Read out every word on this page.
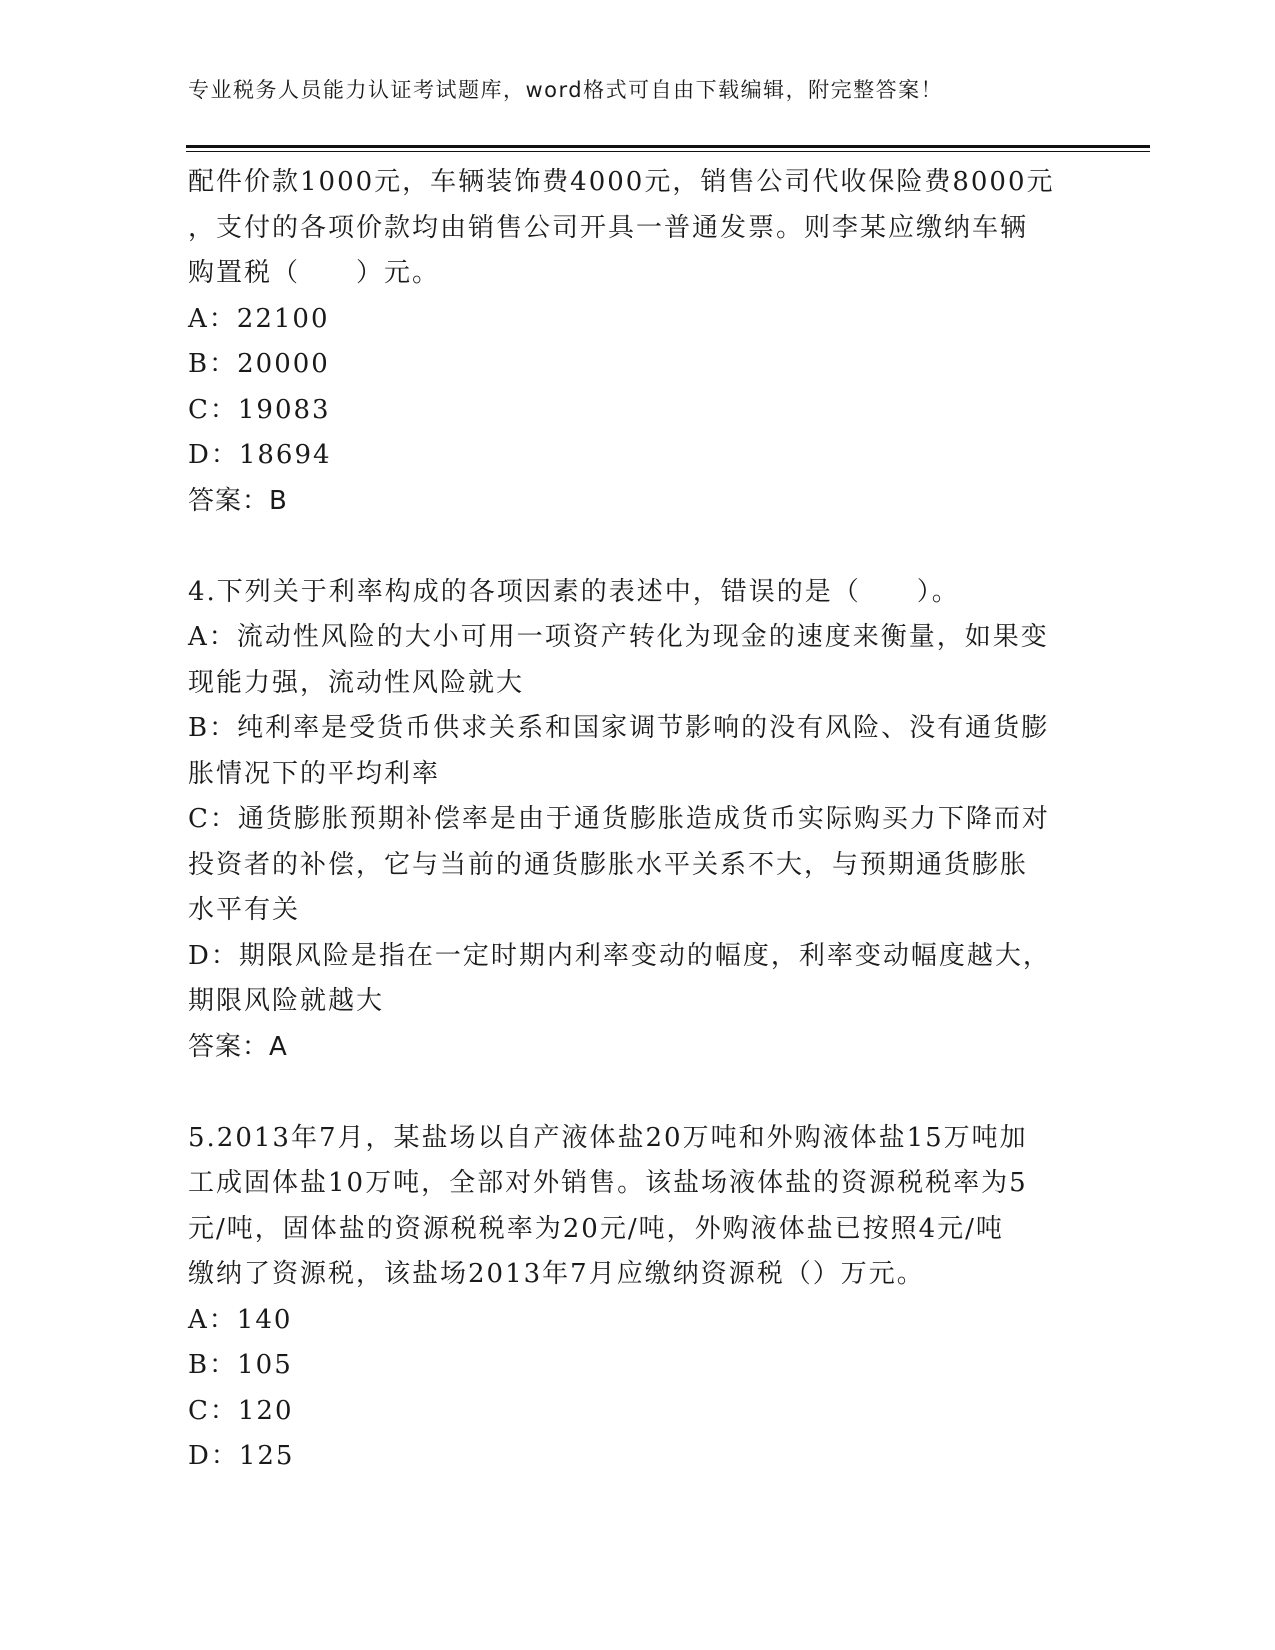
专业税务人员能力认证考试题库，word格式可自由下载编辑，附完整答案！
配件价款1000元，车辆装饰费4000元，销售公司代收保险费8000元
，支付的各项价款均由销售公司开具一普通发票。则李某应缴纳车辆
购置税（　　）元。
A：22100
B：20000
C：19083
D：18694
答案：B
4.下列关于利率构成的各项因素的表述中，错误的是（　　）。
A：流动性风险的大小可用一项资产转化为现金的速度来衡量，如果变
现能力强，流动性风险就大
B：纯利率是受货币供求关系和国家调节影响的没有风险、没有通货膨
胀情况下的平均利率
C：通货膨胀预期补偿率是由于通货膨胀造成货币实际购买力下降而对
投资者的补偿，它与当前的通货膨胀水平关系不大，与预期通货膨胀
水平有关
D：期限风险是指在一定时期内利率变动的幅度，利率变动幅度越大，
期限风险就越大
答案：A
5.2013年7月，某盐场以自产液体盐20万吨和外购液体盐15万吨加
工成固体盐10万吨，全部对外销售。该盐场液体盐的资源税税率为5
元/吨，固体盐的资源税税率为20元/吨，外购液体盐已按照4元/吨
缴纳了资源税，该盐场2013年7月应缴纳资源税（）万元。
A：140
B：105
C：120
D：125
